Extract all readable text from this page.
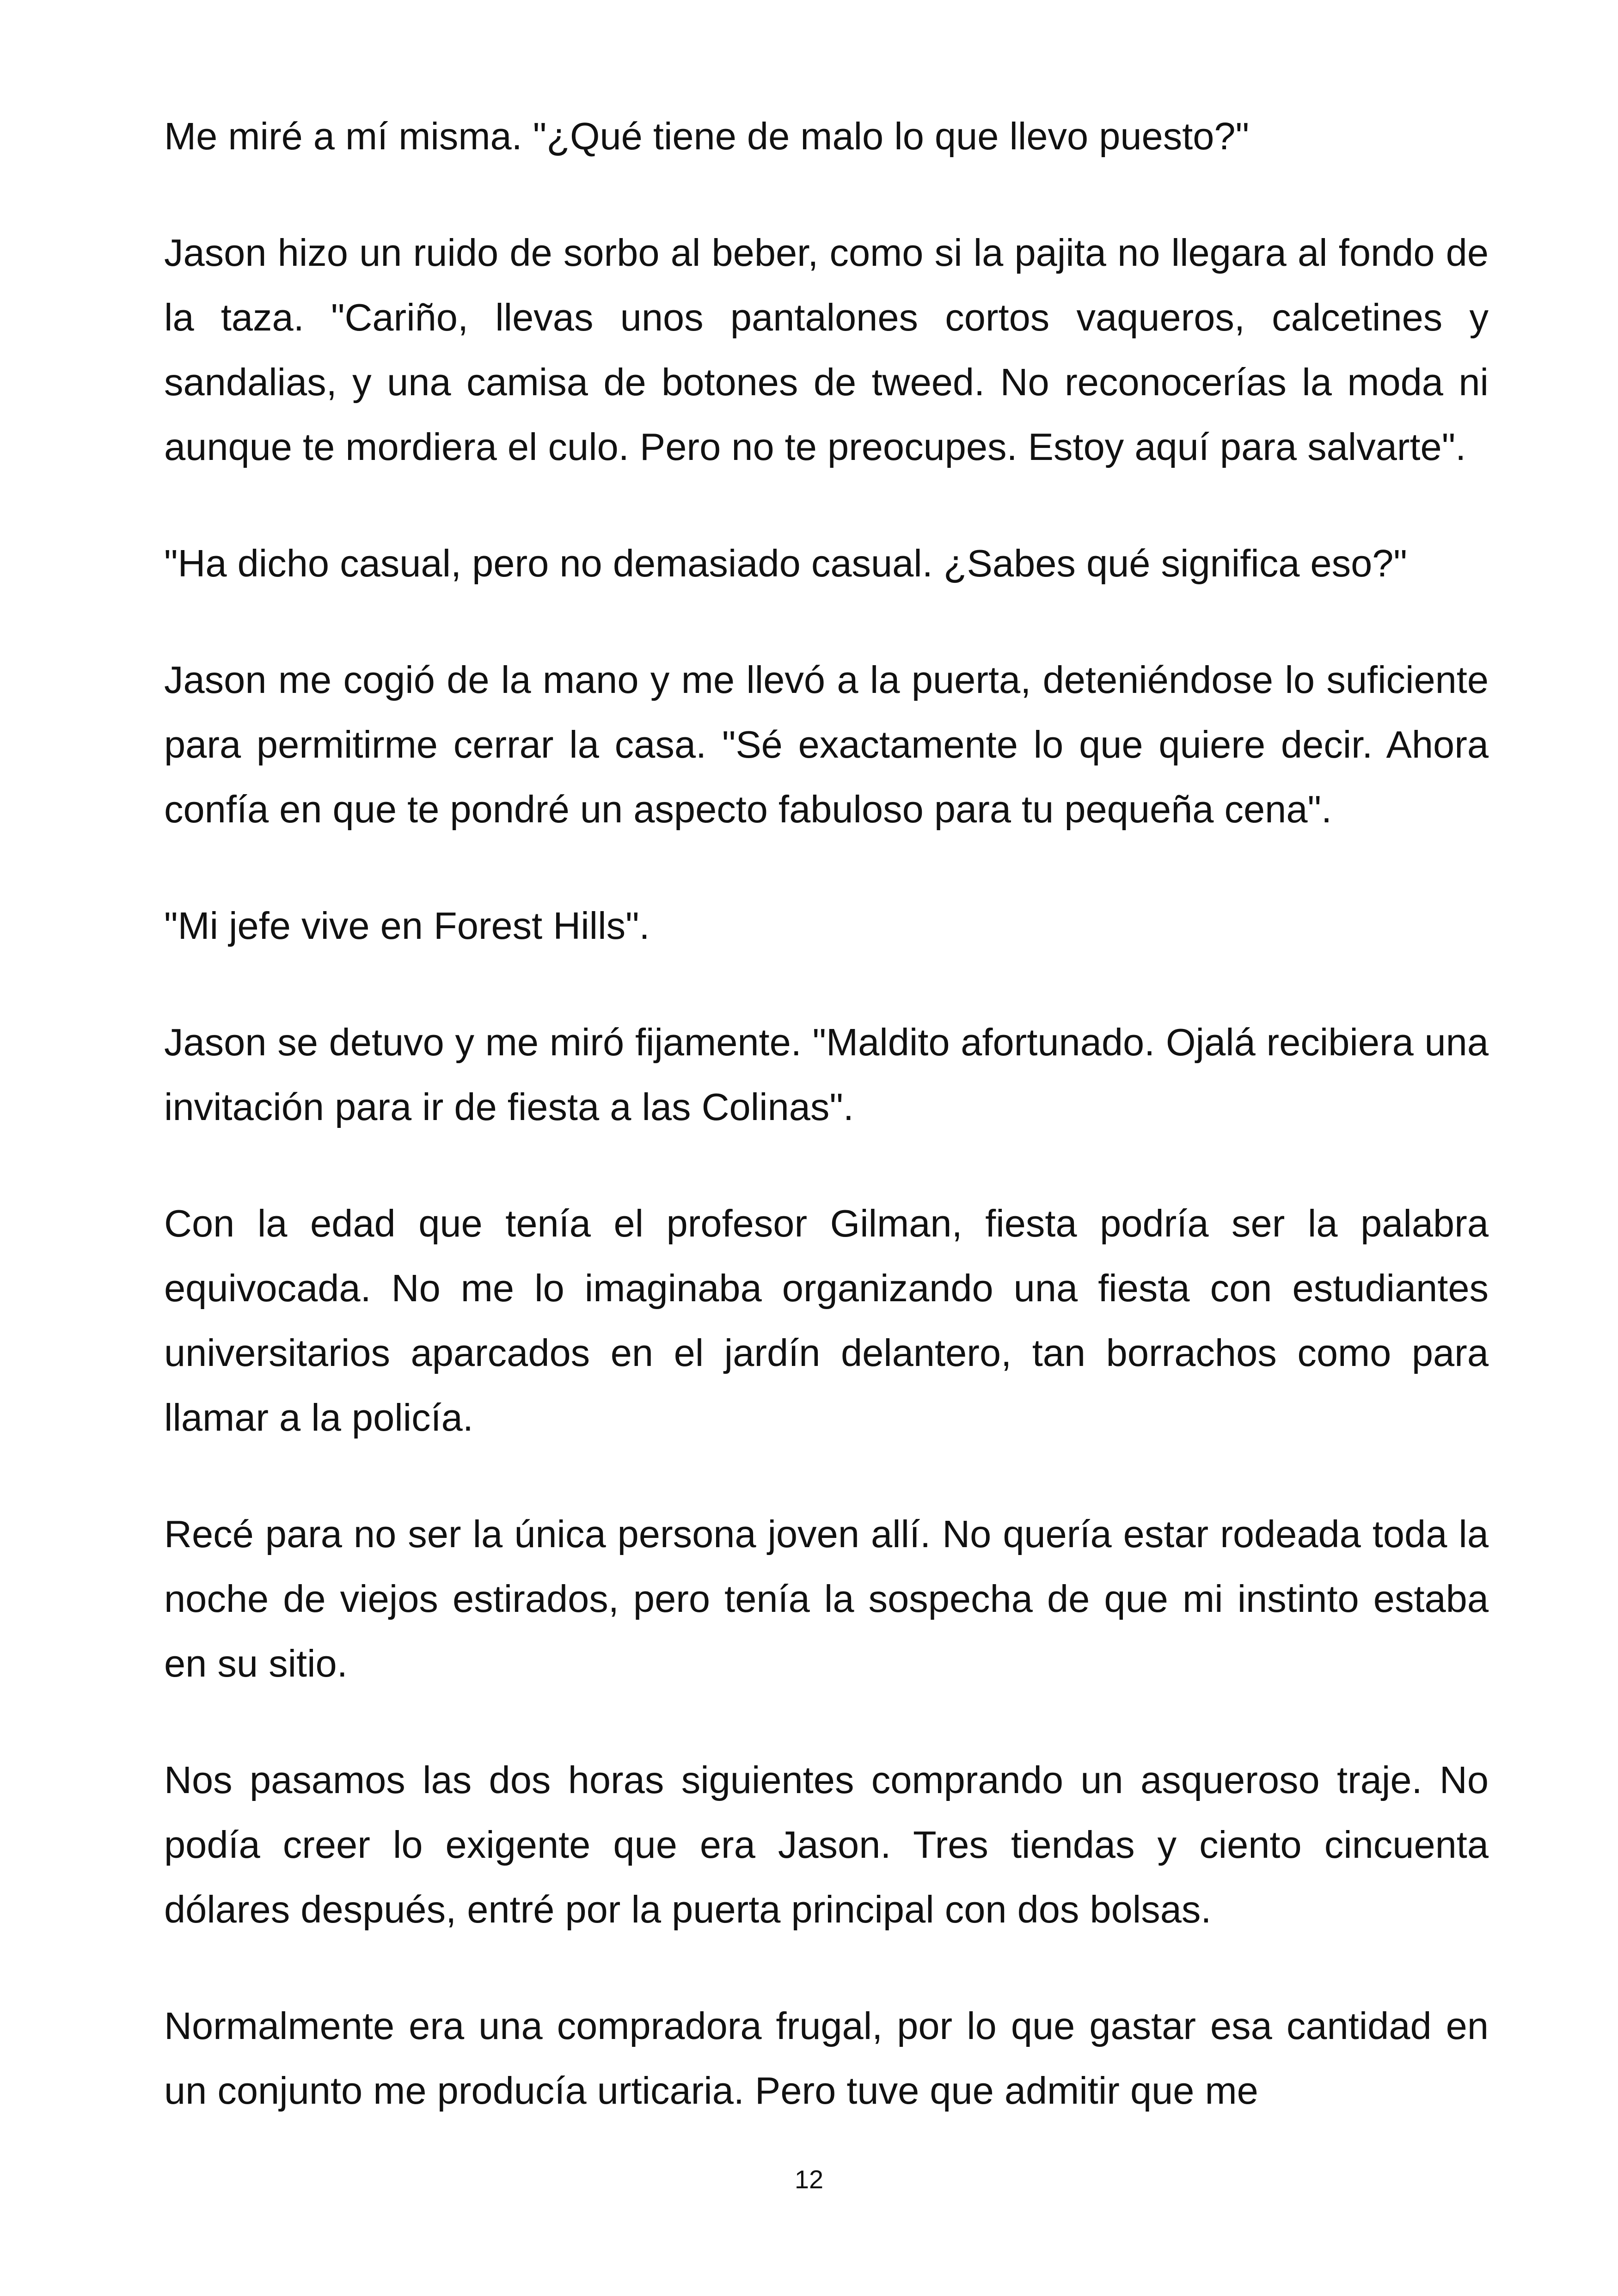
Me miré a mí misma. "¿Qué tiene de malo lo que llevo puesto?"

Jason hizo un ruido de sorbo al beber, como si la pajita no llegara al fondo de la taza. "Cariño, llevas unos pantalones cortos vaqueros, calcetines y sandalias, y una camisa de botones de tweed. No reconocerías la moda ni aunque te mordiera el culo. Pero no te preocupes. Estoy aquí para salvarte".

"Ha dicho casual, pero no demasiado casual. ¿Sabes qué significa eso?"

Jason me cogió de la mano y me llevó a la puerta, deteniéndose lo suficiente para permitirme cerrar la casa. "Sé exactamente lo que quiere decir. Ahora confía en que te pondré un aspecto fabuloso para tu pequeña cena".

"Mi jefe vive en Forest Hills".

Jason se detuvo y me miró fijamente. "Maldito afortunado. Ojalá recibiera una invitación para ir de fiesta a las Colinas".

Con la edad que tenía el profesor Gilman, fiesta podría ser la palabra equivocada. No me lo imaginaba organizando una fiesta con estudiantes universitarios aparcados en el jardín delantero, tan borrachos como para llamar a la policía.

Recé para no ser la única persona joven allí. No quería estar rodeada toda la noche de viejos estirados, pero tenía la sospecha de que mi instinto estaba en su sitio.

Nos pasamos las dos horas siguientes comprando un asqueroso traje. No podía creer lo exigente que era Jason. Tres tiendas y ciento cincuenta dólares después, entré por la puerta principal con dos bolsas.

Normalmente era una compradora frugal, por lo que gastar esa cantidad en un conjunto me producía urticaria. Pero tuve que admitir que me

12
